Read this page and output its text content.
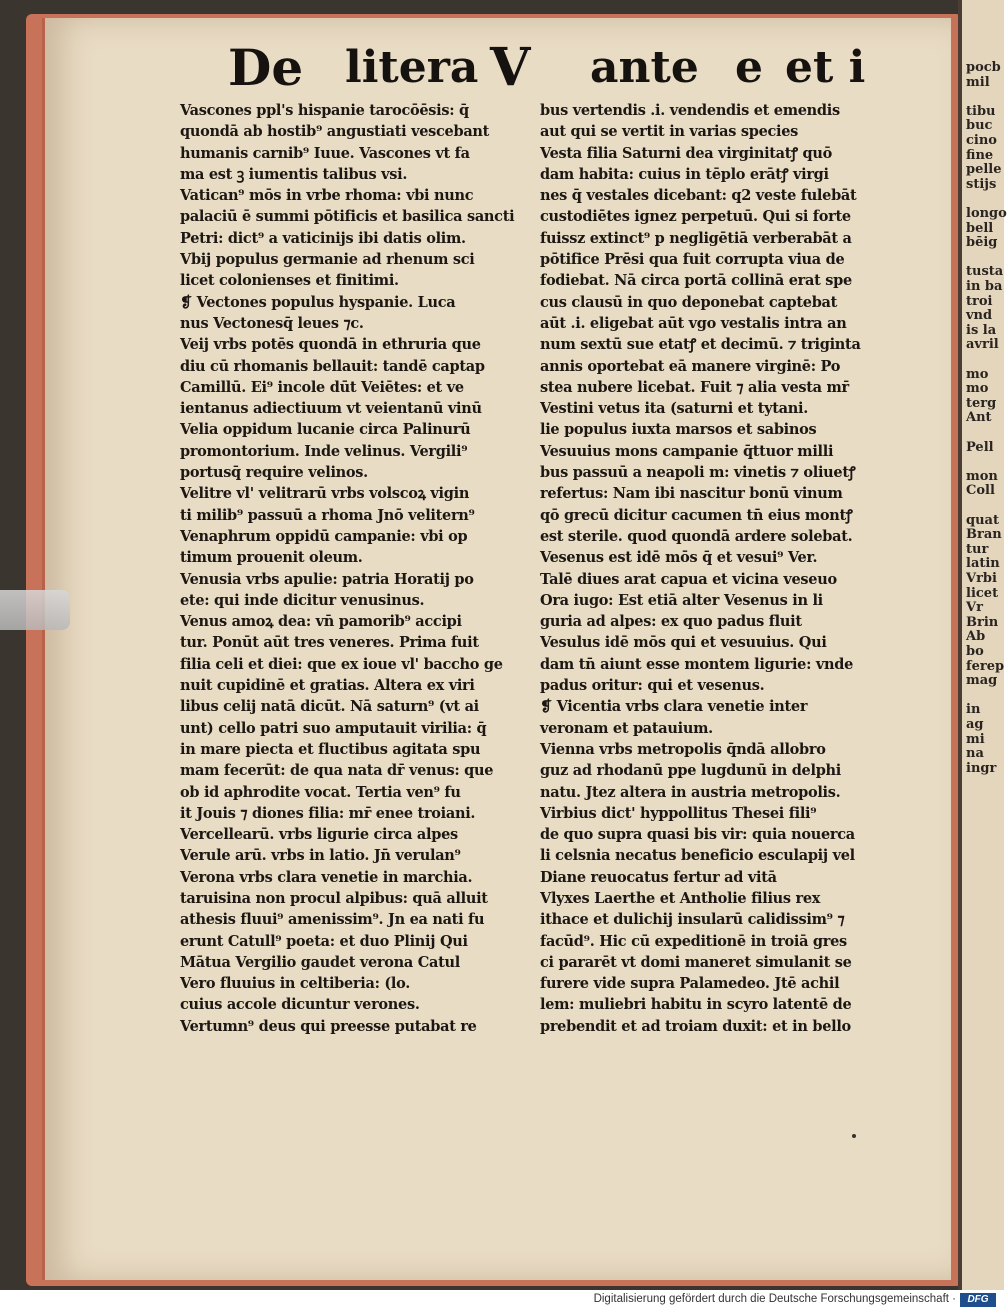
pocb
mil
tibu
buc
cino
fine
pelle
stijs
longo
bell
bēig
tusta
in ba
troi
vnd
is la
avril
mo
mo
terg
Ant
Pell
mon
Coll
quat
Bran
tur
latin
Vrbi
licet
Vr
Brin
Ab
bo
ferep
mag
in
ag
mi
na
ingr
De litera V ante e et i
Vascones ppl's hispanie tarocōēsis: q̄
quondā ab hostib⁹ angustiati vescebant
humanis carnib⁹ Iuue. Vascones vt fa
ma est ꝫ iumentis talibus vsi.
Vatican⁹ mōs in vrbe rhoma: vbi nunc
palaciū ē summi pōtificis et basilica sancti
Petri: dict⁹ a vaticinijs ibi datis olim.
Vbij populus germanie ad rhenum sci
licet colonienses et finitimi.
❡ Vectones populus hyspanie. Luca
nus Vectonesq̄ leues ⁊c.
Veij vrbs potēs quondā in ethruria que
diu cū rhomanis bellauit: tandē captap
Camillū. Ei⁹ incole dūt Veiētes: et ve
ientanus adiectiuum vt veientanū vinū
Velia oppidum lucanie circa Palinurū
promontorium. Inde velinus. Vergili⁹
portusq̄ require velinos.
Velitre vl' velitrarū vrbs volscoꝝ vigin
ti milib⁹ passuū a rhoma Jnō velitern⁹
Venaphrum oppidū campanie: vbi op
timum prouenit oleum.
Venusia vrbs apulie: patria Horatij po
ete: qui inde dicitur venusinus.
Venus amoꝝ dea: vn̄ pamorib⁹ accipi
tur. Ponūt aūt tres veneres. Prima fuit
filia celi et diei: que ex ioue vl' baccho ge
nuit cupidinē et gratias. Altera ex viri
libus celij natā dicūt. Nā saturn⁹ (vt ai
unt) cello patri suo amputauit virilia: q̄
in mare piecta et fluctibus agitata spu
mam fecerūt: de qua nata dr̄ venus: que
ob id aphrodite vocat. Tertia ven⁹ fu
it Jouis ⁊ diones filia: mr̄ enee troiani.
Vercellearū. vrbs ligurie circa alpes
Verule arū. vrbs in latio. Jn̄ verulan⁹
Verona vrbs clara venetie in marchia.
taruisina non procul alpibus: quā alluit
athesis fluui⁹ amenissim⁹. Jn ea nati fu
erunt Catull⁹ poeta: et duo Plinij Qui
Mātua Vergilio gaudet verona Catul
Vero fluuius in celtiberia: (lo.
cuius accole dicuntur verones.
Vertumn⁹ deus qui preesse putabat re
bus vertendis .i. vendendis et emendis
aut qui se vertit in varias species
Vesta filia Saturni dea virginitatꝭ quō
dam habita: cuius in tēplo erātꝭ virgi
nes q̄ vestales dicebant: q2 veste fulebāt
custodiētes ignez perpetuū. Qui si forte
fuissz extinct⁹ p negligētiā verberabāt a
pōtifice Prēsi qua fuit corrupta viua de
fodiebat. Nā circa portā collinā erat spe
cus clausū in quo deponebat captebat
aūt .i. eligebat aūt vgo vestalis intra an
num sextū sue etatꝭ et decimū. ⁊ triginta
annis oportebat eā manere virginē: Po
stea nubere licebat. Fuit ⁊ alia vesta mr̄
Vestini vetus ita (saturni et tytani.
lie populus iuxta marsos et sabinos
Vesuuius mons campanie q̄ttuor milli
bus passuū a neapoli m: vinetis ⁊ oliuetꝭ
refertus: Nam ibi nascitur bonū vinum
qō grecū dicitur cacumen tn̄ eius montꝭ
est sterile. quod quondā ardere solebat.
Vesenus est idē mōs q̄ et vesui⁹ Ver.
Talē diues arat capua et vicina veseuo
Ora iugo: Est etiā alter Vesenus in li
guria ad alpes: ex quo padus fluit
Vesulus idē mōs qui et vesuuius. Qui
dam tn̄ aiunt esse montem ligurie: vnde
padus oritur: qui et vesenus.
❡ Vicentia vrbs clara venetie inter
veronam et patauium.
Vienna vrbs metropolis q̄ndā allobro
guz ad rhodanū ppe lugdunū in delphi
natu. Jtez altera in austria metropolis.
Virbius dict' hyppollitus Thesei fili⁹
de quo supra quasi bis vir: quia nouerca
li celsnia necatus beneficio esculapij vel
Diane reuocatus fertur ad vitā
Vlyxes Laerthe et Antholie filius rex
ithace et dulichij insularū calidissim⁹ ⁊
facūd⁹. Hic cū expeditionē in troiā gres
ci pararēt vt domi maneret simulanit se
furere vide supra Palamedeo. Jtē achil
lem: muliebri habitu in scyro latentē de
prebendit et ad troiam duxit: et in bello
Digitalisierung gefördert durch die Deutsche Forschungsgemeinschaft ·	DFG
